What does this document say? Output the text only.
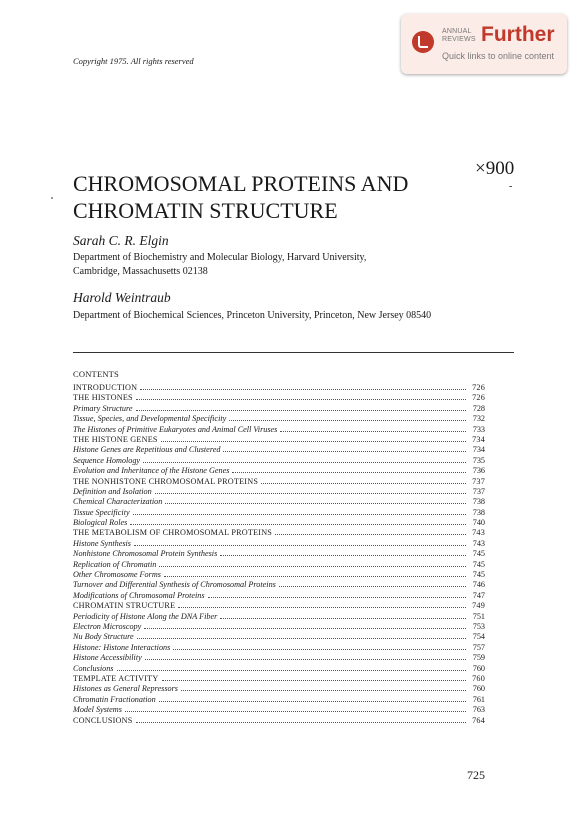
Copyright 1975. All rights reserved
ANNUAL REVIEWS Further
Quick links to online content
CHROMOSOMAL PROTEINS AND
CHROMATIN STRUCTURE
×900
-
Sarah C. R. Elgin
Department of Biochemistry and Molecular Biology, Harvard University,
Cambridge, Massachusetts 02138
Harold Weintraub
Department of Biochemical Sciences, Princeton University, Princeton, New Jersey 08540
CONTENTS
INTRODUCTION	726
THE HISTONES	726
Primary Structure	728
Tissue, Species, and Developmental Specificity	732
The Histones of Primitive Eukaryotes and Animal Cell Viruses	733
THE HISTONE GENES	734
Histone Genes are Repetitious and Clustered	734
Sequence Homology	735
Evolution and Inheritance of the Histone Genes	736
THE NONHISTONE CHROMOSOMAL PROTEINS	737
Definition and Isolation	737
Chemical Characterization	738
Tissue Specificity	738
Biological Roles	740
THE METABOLISM OF CHROMOSOMAL PROTEINS	743
Histone Synthesis	743
Nonhistone Chromosomal Protein Synthesis	745
Replication of Chromatin	745
Other Chromosome Forms	745
Turnover and Differential Synthesis of Chromosomal Proteins	746
Modifications of Chromosomal Proteins	747
CHROMATIN STRUCTURE	749
Periodicity of Histone Along the DNA Fiber	751
Electron Microscopy	753
Nu Body Structure	754
Histone: Histone Interactions	757
Histone Accessibility	759
Conclusions	760
TEMPLATE ACTIVITY	760
Histones as General Repressors	760
Chromatin Fractionation	761
Model Systems	763
CONCLUSIONS	764
725
